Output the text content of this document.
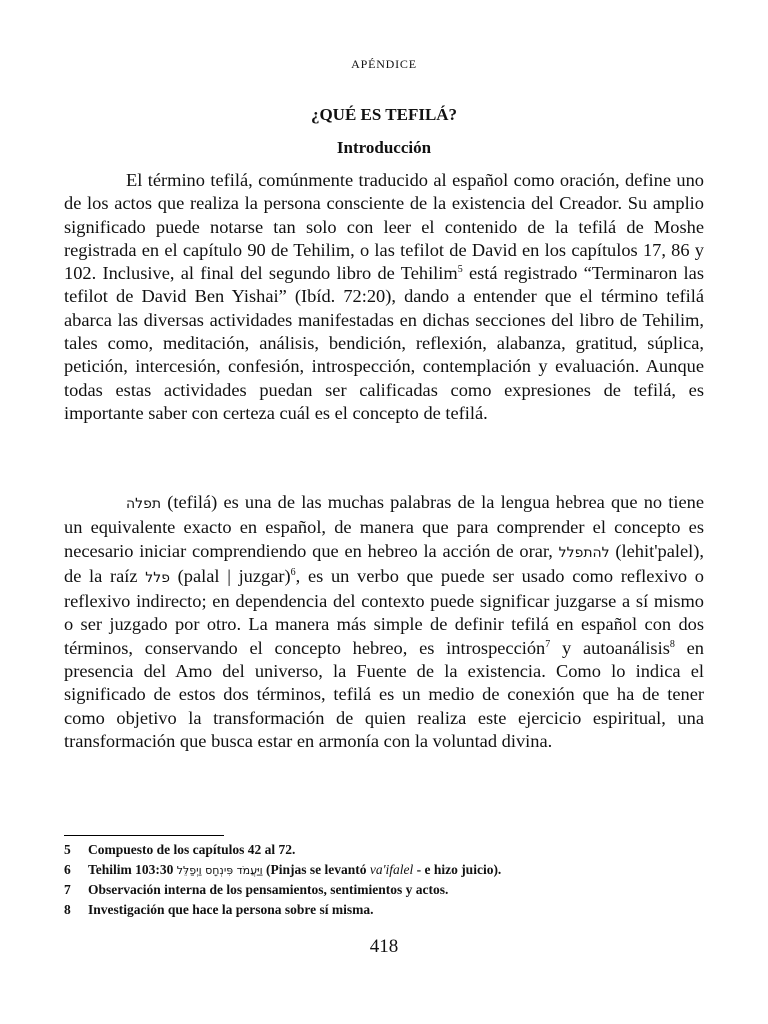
APÉNDICE
¿QUÉ ES TEFILÁ?
Introducción

El término tefilá, comúnmente traducido al español como oración, define uno de los actos que realiza la persona consciente de la existencia del Creador. Su amplio significado puede notarse tan solo con leer el contenido de la tefilá de Moshe registrada en el capítulo 90 de Tehilim, o las tefilot de David en los capítulos 17, 86 y 102. Inclusive, al final del segundo libro de Tehilim$^5$ está registrado “Terminaron las tefilot de David Ben Yishai” (Ibíd. 72:20), dando a entender que el término tefilá abarca las diversas actividades manifestadas en dichas secciones del libro de Tehilim, tales como, meditación, análisis, bendición, reflexión, alabanza, gratitud, súplica, petición, intercesión, confesión, introspección, contemplación y evaluación. Aunque todas estas actividades puedan ser calificadas como expresiones de tefilá, es importante saber con certeza cuál es el concepto de tefilá.

תפלה (tefilá) es una de las muchas palabras de la lengua hebrea que no tiene un equivalente exacto en español, de manera que para comprender el concepto es necesario iniciar comprendiendo que en hebreo la acción de orar, להתפלל (lehit'palel), de la raíz פלל (palal | juzgar)$^6$, es un verbo que puede ser usado como reflexivo o reflexivo indirecto; en dependencia del contexto puede significar juzgarse a sí mismo o ser juzgado por otro. La manera más simple de definir tefilá en español con dos términos, conservando el concepto hebreo, es introspección$^7$ y autoanálisis$^8$ en presencia del Amo del universo, la Fuente de la existencia. Como lo indica el significado de estos dos términos, tefilá es un medio de conexión que ha de tener como objetivo la transformación de quien realiza este ejercicio espiritual, una transformación que busca estar en armonía con la voluntad divina.

5	Compuesto de los capítulos 42 al 72.
6	Tehilim 103:30 וַיַּעֲמֹד פִּינְחָס וַיְפַלֵּל (Pinjas se levantó va'ifalel - e hizo juicio).
7	Observación interna de los pensamientos, sentimientos y actos.
8	Investigación que hace la persona sobre sí misma.
418
